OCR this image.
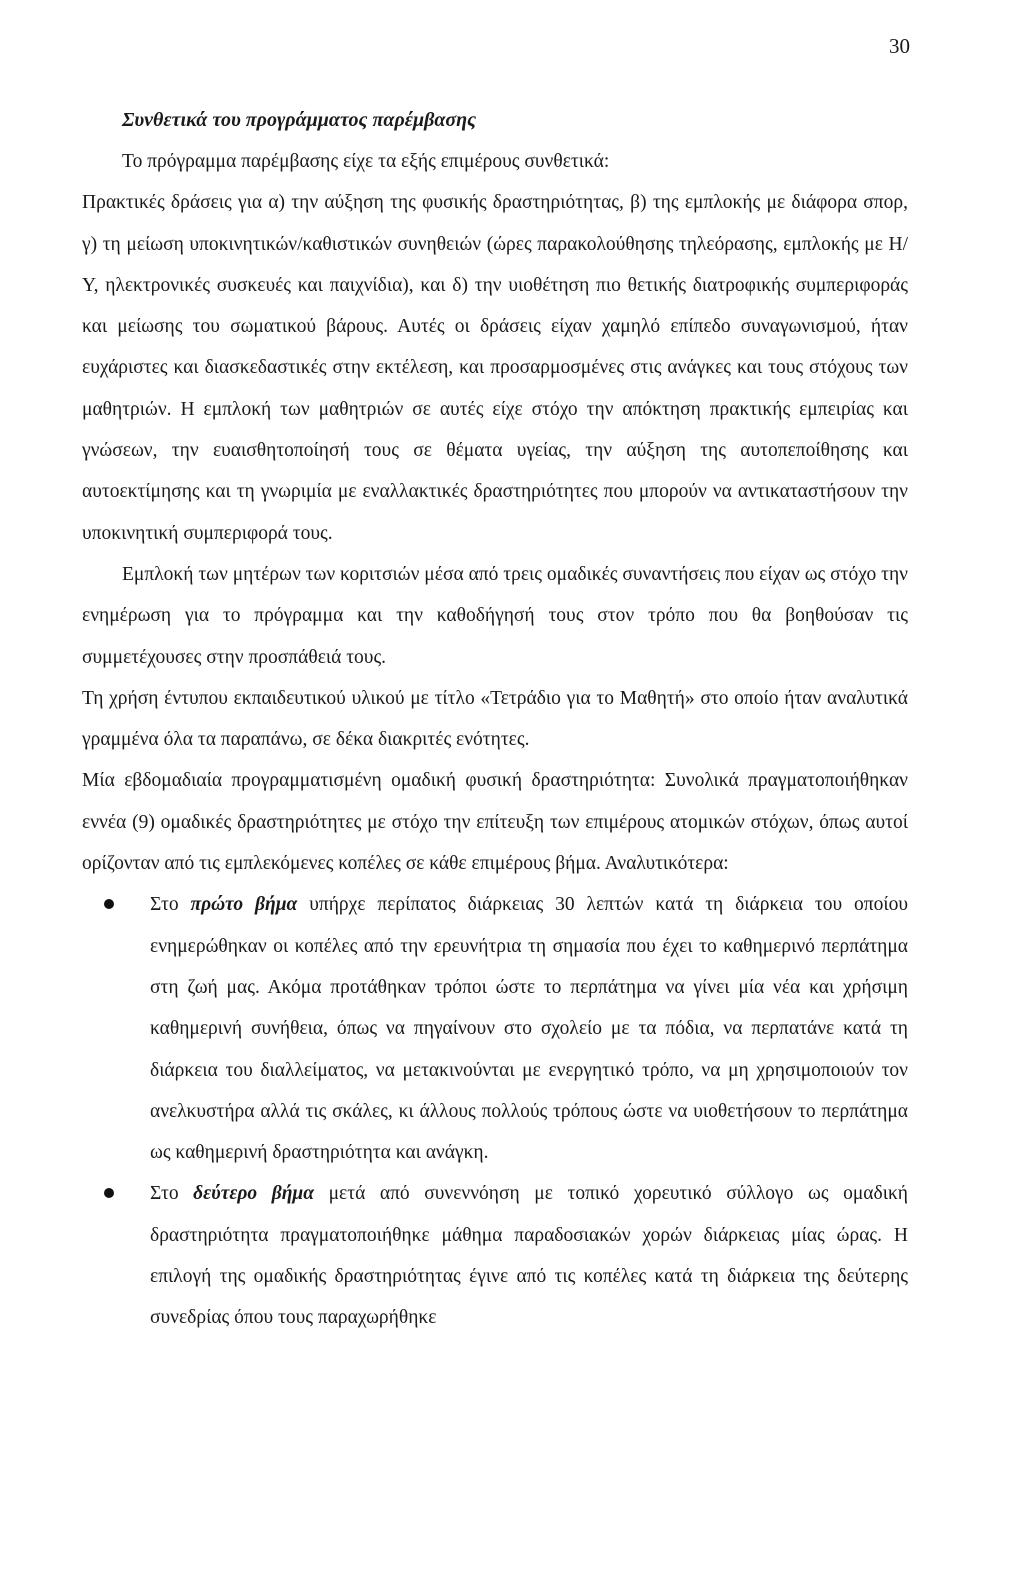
30

Συνθετικά του προγράμματος παρέμβασης

Το πρόγραμμα παρέμβασης είχε τα εξής επιμέρους συνθετικά:

Πρακτικές δράσεις για α) την αύξηση της φυσικής δραστηριότητας, β) της εμπλοκής με διάφορα σπορ, γ) τη μείωση υποκινητικών/καθιστικών συνηθειών (ώρες παρακολούθησης τηλεόρασης, εμπλοκής με Η/Υ, ηλεκτρονικές συσκευές και παιχνίδια), και δ) την υιοθέτηση πιο θετικής διατροφικής συμπεριφοράς και μείωσης του σωματικού βάρους. Αυτές οι δράσεις είχαν χαμηλό επίπεδο συναγωνισμού, ήταν ευχάριστες και διασκεδαστικές στην εκτέλεση, και προσαρμοσμένες στις ανάγκες και τους στόχους των μαθητριών. Η εμπλοκή των μαθητριών σε αυτές είχε στόχο την απόκτηση πρακτικής εμπειρίας και γνώσεων, την ευαισθητοποίησή τους σε θέματα υγείας, την αύξηση της αυτοπεποίθησης και αυτοεκτίμησης και τη γνωριμία με εναλλακτικές δραστηριότητες που μπορούν να αντικαταστήσουν την υποκινητική συμπεριφορά τους.

Εμπλοκή των μητέρων των κοριτσιών μέσα από τρεις ομαδικές συναντήσεις που είχαν ως στόχο την ενημέρωση για το πρόγραμμα και την καθοδήγησή τους στον τρόπο που θα βοηθούσαν τις συμμετέχουσες στην προσπάθειά τους.

Τη χρήση έντυπου εκπαιδευτικού υλικού με τίτλο «Τετράδιο για το Μαθητή» στο οποίο ήταν αναλυτικά γραμμένα όλα τα παραπάνω, σε δέκα διακριτές ενότητες.

Μία εβδομαδιαία προγραμματισμένη ομαδική φυσική δραστηριότητα: Συνολικά πραγματοποιήθηκαν εννέα (9) ομαδικές δραστηριότητες με στόχο την επίτευξη των επιμέρους ατομικών στόχων, όπως αυτοί ορίζονταν από τις εμπλεκόμενες κοπέλες σε κάθε επιμέρους βήμα. Αναλυτικότερα:

Στο πρώτο βήμα υπήρχε περίπατος διάρκειας 30 λεπτών κατά τη διάρκεια του οποίου ενημερώθηκαν οι κοπέλες από την ερευνήτρια τη σημασία που έχει το καθημερινό περπάτημα στη ζωή μας. Ακόμα προτάθηκαν τρόποι ώστε το περπάτημα να γίνει μία νέα και χρήσιμη καθημερινή συνήθεια, όπως να πηγαίνουν στο σχολείο με τα πόδια, να περπατάνε κατά τη διάρκεια του διαλλείματος, να μετακινούνται με ενεργητικό τρόπο, να μη χρησιμοποιούν τον ανελκυστήρα αλλά τις σκάλες, κι άλλους πολλούς τρόπους ώστε να υιοθετήσουν το περπάτημα ως καθημερινή δραστηριότητα και ανάγκη.
Στο δεύτερο βήμα μετά από συνεννόηση με τοπικό χορευτικό σύλλογο ως ομαδική δραστηριότητα πραγματοποιήθηκε μάθημα παραδοσιακών χορών διάρκειας μίας ώρας. Η επιλογή της ομαδικής δραστηριότητας έγινε από τις κοπέλες κατά τη διάρκεια της δεύτερης συνεδρίας όπου τους παραχωρήθηκε
